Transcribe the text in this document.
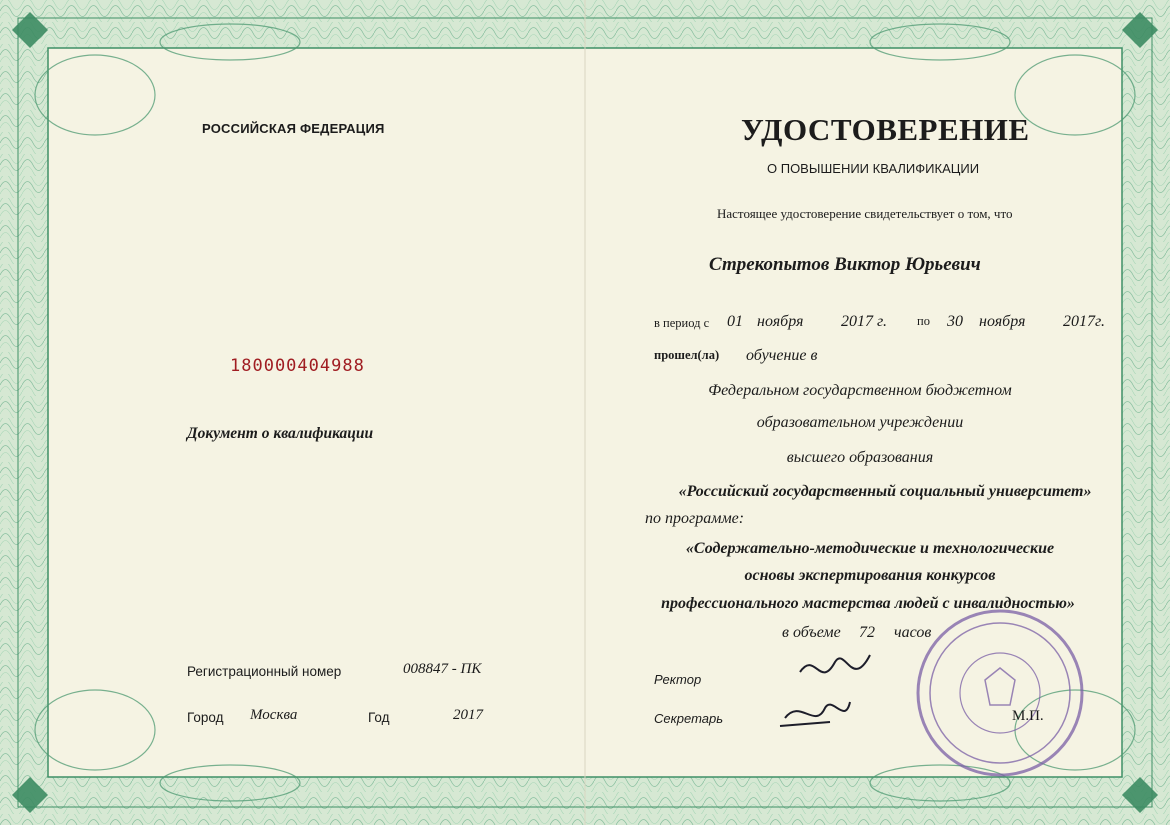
РОССИЙСКАЯ ФЕДЕРАЦИЯ
180000404988
Документ о квалификации
Регистрационный номер	008847 - ПК
Город Москва	Год	2017
УДОСТОВЕРЕНИЕ
О ПОВЫШЕНИИ КВАЛИФИКАЦИИ
Настоящее удостоверение свидетельствует о том, что
Стрекопытов Виктор Юрьевич
в период с 01 ноября 2017 г. по 30 ноября 2017г.
прошел(ла) обучение в
Федеральном государственном бюджетном
образовательном учреждении
высшего образования
«Российский государственный социальный университет»
по программе:
«Содержательно-методические и технологические
основы экспертирования конкурсов
профессионального мастерства людей с инвалидностью»
в объеме 72 часов
Ректор
Секретарь	М.П.
